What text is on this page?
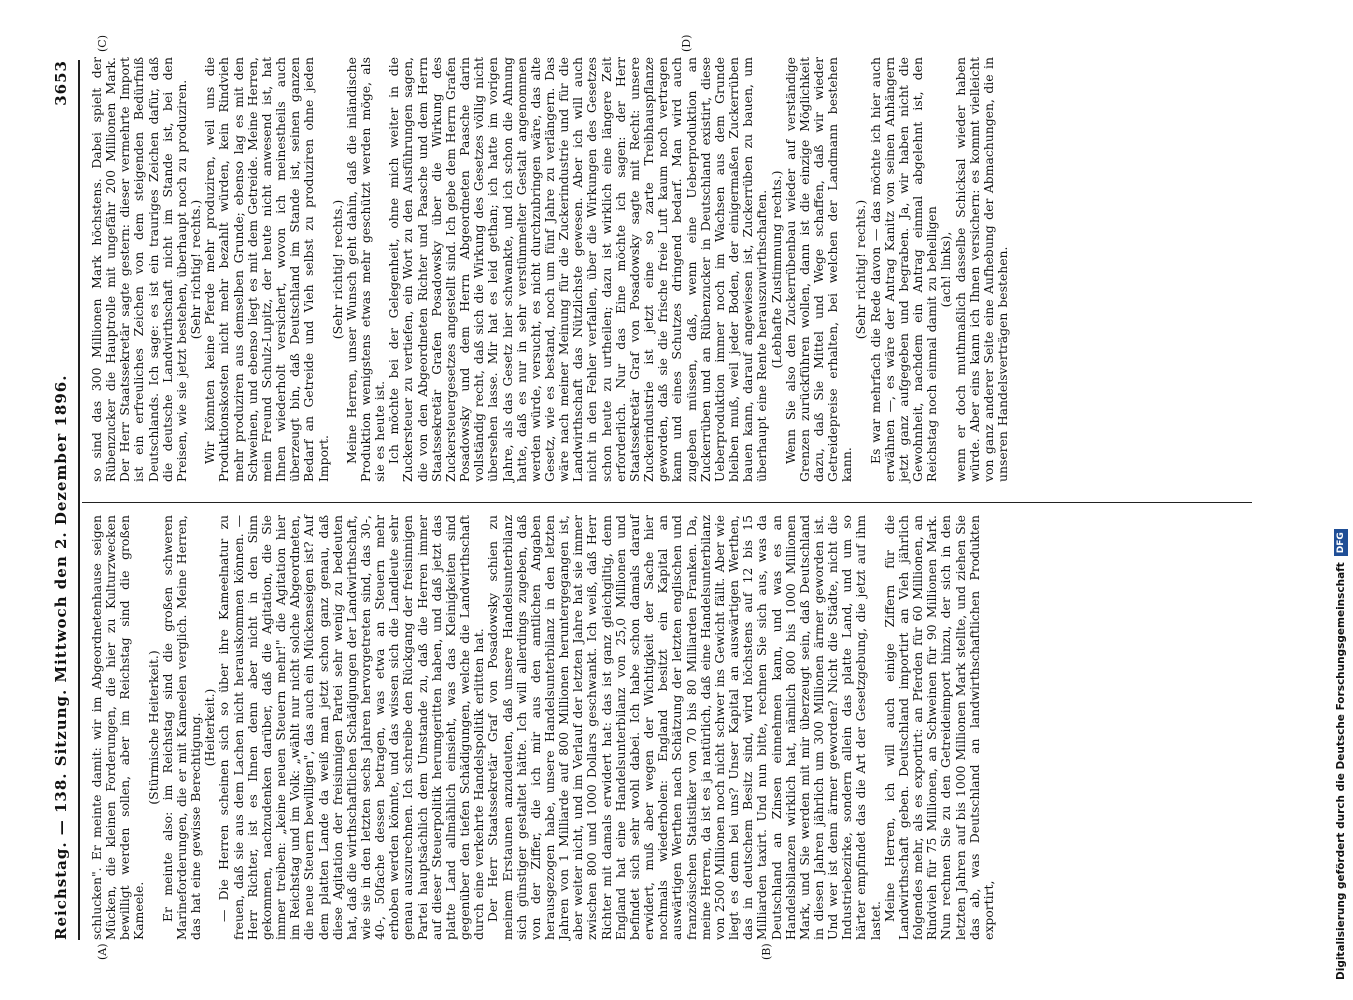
Reichstag. — 138. Sitzung. Mittwoch den 2. Dezember 1896.
3653
(A)	(B)
(C)	(D)

schlucken". Er meinte damit: wir im Abgeordnetenhause seigen Mücken, die kleinen Forderungen, die hier zu Kulturzwecken bewilligt werden sollen, aber im Reichstag sind die großen Kameele.

(Stürmische Heiterkeit.) Er meinte also: im Reichstag sind die großen schweren Marineforderungen, die er mit Kameelen verglich. Meine Herren, das hat eine gewisse Berechtigung. (Heiterkeit.) — Die Herren scheinen sich so über ihre Kameelnatur zu freuen, daß sie aus dem Lachen nicht herauskommen können. — Herr Richter, ist es Ihnen denn aber nicht in den Sinn gekommen, nachzudenken darüber, daß die Agitation, die Sie immer treiben: „keine neuen Steuern mehr!" die Agitation hier im Reichstag und im Volk: „wählt nur nicht solche Abgeordneten, die neue Steuern bewilligen", das auch ein Mückenseigen ist? Auf dem platten Lande da weiß man jetzt schon ganz genau, daß diese Agitation der freisinnigen Partei sehr wenig zu bedeuten hat, daß die wirthschaftlichen Schädigungen der Landwirthschaft, wie sie in den letzten sechs Jahren hervorgetreten sind, das 30-, 40-, 50fache dessen betragen, was etwa an Steuern mehr erhoben werden könnte, und das wissen sich die Landleute sehr genau auszurechnen. Ich schreibe den Rückgang der freisinnigen Partei hauptsächlich dem Umstande zu, daß die Herren immer auf dieser Steuerpolitik herumgeritten haben, und daß jetzt das platte Land allmählich einsieht, was das Kleinigkeiten sind gegenüber den tiefen Schädigungen, welche die Landwirthschaft durch eine verkehrte Handelspolitik erlitten hat. Der Herr Staatssekretär Graf von Posadowsky schien zu meinem Erstaunen anzudeuten, daß unsere Handelsunterbilanz sich günstiger gestaltet hätte. Ich will allerdings zugeben, daß von der Ziffer, die ich mir aus den amtlichen Angaben herausgezogen habe, unsere Handelsunterbilanz in den letzten Jahren von 1 Milliarde auf 800 Millionen heruntergegangen ist, aber weiter nicht, und im Verlauf der letzten Jahre hat sie immer zwischen 800 und 1000 Dollars geschwankt. Ich weiß, daß Herr Richter mit damals erwidert hat: das ist ganz gleichgiltig, denn England hat eine Handelsunterbilanz von 25,0 Millionen und befindet sich sehr wohl dabei. Ich habe schon damals darauf erwidert, muß aber wegen der Wichtigkeit der Sache hier nochmals wiederholen: England besitzt ein Kapital an auswärtigen Werthen nach Schätzung der letzten englischen und französischen Statistiker von 70 bis 80 Milliarden Franken. Da, meine Herren, da ist es ja natürlich, daß eine Handelsunterbilanz von 2500 Millionen noch nicht schwer ins Gewicht fällt. Aber wie liegt es denn bei uns? Unser Kapital an auswärtigen Werthen, das in deutschem Besitz sind, wird höchstens auf 12 bis 15 Milliarden taxirt. Und nun bitte, rechnen Sie sich aus, was da Deutschland an Zinsen einnehmen kann, und was es an Handelsbilanzen wirklich hat, nämlich 800 bis 1000 Millionen Mark, und Sie werden mit mir überzeugt sein, daß Deutschland in diesen Jahren jährlich um 300 Millionen ärmer geworden ist. Und wer ist denn ärmer geworden? Nicht die Städte, nicht die Industriebezirke, sondern allein das platte Land, und um so härter empfindet das die Art der Gesetzgebung, die jetzt auf ihm lastet. Meine Herren, ich will auch einige Ziffern für die Landwirthschaft geben. Deutschland importirt an Vieh jährlich folgendes mehr, als es exportirt: an Pferden für 60 Millionen, an Rindvieh für 75 Millionen, an Schweinen für 90 Millionen Mark. Nun rechnen Sie zu den Getreideimport hinzu, der sich in den letzten Jahren auf bis 1000 Millionen Mark stellte, und ziehen Sie das ab, was Deutschland an landwirthschaftlichen Produkten exportirt,

so sind das 300 Millionen Mark höchstens. Dabei spielt der Rübenzucker die Hauptrolle mit ungefähr 200 Millionen Mark. Der Herr Staatssekretär sagte gestern: dieser vermehrte Import ist ein erfreuliches Zeichen von dem steigenden Bedürfniß Deutschlands. Ich sage: es ist ein trauriges Zeichen dafür, daß die deutsche Landwirthschaft nicht im Stande ist, bei den Preisen, wie sie jetzt bestehen, überhaupt noch zu produziren. (Sehr richtig! rechts.) Wir könnten keine Pferde mehr produziren, weil uns die Produktionskosten nicht mehr bezahlt würden, kein Rindvieh mehr produziren aus demselben Grunde; ebenso lag es mit den Schweinen, und ebenso liegt es mit dem Getreide. Meine Herren, mein Freund Schulz-Lupitz, der heute nicht anwesend ist, hat Ihnen wiederholt versichert, wovon ich meinestheils auch überzeugt bin, daß Deutschland im Stande ist, seinen ganzen Bedarf an Getreide und Vieh selbst zu produziren ohne jeden Import.

(Sehr richtig! rechts.) Meine Herren, unser Wunsch geht dahin, daß die inländische Produktion wenigstens etwas mehr geschützt werden möge, als sie es heute ist. Ich möchte bei der Gelegenheit, ohne mich weiter in die Zuckersteuer zu vertiefen, ein Wort zu den Ausführungen sagen, die von den Abgeordneten Richter und Paasche und dem Herrn Staatssekretär Grafen Posadowsky über die Wirkung des Zuckersteuergesetzes angestellt sind. Ich gebe dem Herrn Grafen Posadowsky und dem Herrn Abgeordneten Paasche darin vollständig recht, daß sich die Wirkung des Gesetzes völlig nicht übersehen lasse. Mir hat es leid gethan; ich hatte im vorigen Jahre, als das Gesetz hier schwankte, und ich schon die Ahnung hatte, daß es nur in sehr verstümmelter Gestalt angenommen werden würde, versucht, es nicht durchzubringen wäre, das alte Gesetz, wie es bestand, noch um fünf Jahre zu verlängern. Das wäre nach meiner Meinung für die Zuckerindustrie und für die Landwirthschaft das Nützlichste gewesen. Aber ich will auch nicht in den Fehler verfallen, über die Wirkungen des Gesetzes schon heute zu urtheilen; dazu ist wirklich eine längere Zeit erforderlich. Nur das Eine möchte ich sagen: der Herr Staatssekretär Graf von Posadowsky sagte mit Recht: unsere Zuckerindustrie ist jetzt eine so zarte Treibhauspflanze geworden, daß sie die frische freie Luft kaum noch vertragen kann und eines Schutzes dringend bedarf. Man wird auch zugeben müssen, daß, wenn eine Ueberproduktion an Zuckerrüben und an Rübenzucker in Deutschland existirt, diese Ueberproduktion immer noch im Wachsen aus dem Grunde bleiben muß, weil jeder Boden, der einigermaßen Zuckerrüben bauen kann, darauf angewiesen ist, Zuckerrüben zu bauen, um überhaupt eine Rente herauszuwirthschaften. (Lebhafte Zustimmung rechts.) Wenn Sie also den Zuckerrübenbau wieder auf verständige Grenzen zurückführen wollen, dann ist die einzige Möglichkeit dazu, daß Sie Mittel und Wege schaffen, daß wir wieder Getreidepreise erhalten, bei welchen der Landmann bestehen kann.

(Sehr richtig! rechts.) Es war mehrfach die Rede davon — das möchte ich hier auch erwähnen —, es wäre der Antrag Kanitz von seinen Anhängern jetzt ganz aufgegeben und begraben. Ja, wir haben nicht die Gewohnheit, nachdem ein Antrag einmal abgelehnt ist, den Reichstag noch einmal damit zu behelligen (ach! links), wenn er doch muthmaßlich dasselbe Schicksal wieder haben würde. Aber eins kann ich Ihnen versichern: es kommt vielleicht von ganz anderer Seite eine Aufhebung der Abmachungen, die in unseren Handelsverträgen bestehen.

Digitalisierung gefördert durch die Deutsche ForschungsgemeinschaftDFG
